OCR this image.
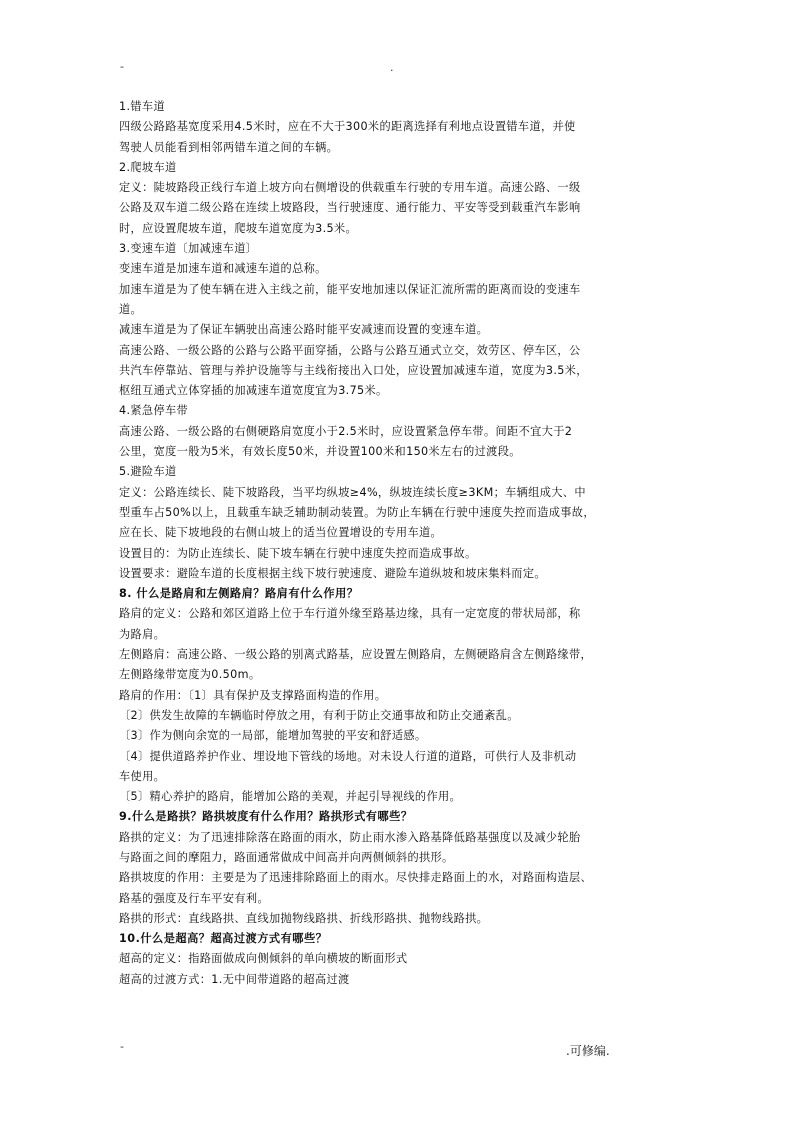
-	.
1.错车道
四级公路路基宽度采用4.5米时，应在不大于300米的距离选择有利地点设置错车道，并使
驾驶人员能看到相邻两错车道之间的车辆。
2.爬坡车道
定义：陡坡路段正线行车道上坡方向右侧增设的供载重车行驶的专用车道。高速公路、一级
公路及双车道二级公路在连续上坡路段，当行驶速度、通行能力、平安等受到载重汽车影响
时，应设置爬坡车道，爬坡车道宽度为3.5米。
3.变速车道〔加减速车道〕
变速车道是加速车道和减速车道的总称。
加速车道是为了使车辆在进入主线之前，能平安地加速以保证汇流所需的距离而设的变速车
道。
减速车道是为了保证车辆驶出高速公路时能平安减速而设置的变速车道。
高速公路、一级公路的公路与公路平面穿插，公路与公路互通式立交，效劳区、停车区，公
共汽车停靠站、管理与养护设施等与主线衔接出入口处，应设置加减速车道，宽度为3.5米，
枢纽互通式立体穿插的加减速车道宽度宜为3.75米。
4.紧急停车带
高速公路、一级公路的右侧硬路肩宽度小于2.5米时，应设置紧急停车带。间距不宜大于2
公里，宽度一般为5米，有效长度50米，并设置100米和150米左右的过渡段。
5.避险车道
定义：公路连续长、陡下坡路段，当平均纵坡≥4%，纵坡连续长度≥3KM；车辆组成大、中
型重车占50%以上，且载重车缺乏辅助制动装置。为防止车辆在行驶中速度失控而造成事故，
应在长、陡下坡地段的右侧山坡上的适当位置增设的专用车道。
设置目的：为防止连续长、陡下坡车辆在行驶中速度失控而造成事故。
设置要求：避险车道的长度根据主线下坡行驶速度、避险车道纵坡和坡床集料而定。
8. 什么是路肩和左侧路肩？路肩有什么作用？
路肩的定义：公路和郊区道路上位于车行道外缘至路基边缘，具有一定宽度的带状局部，称
为路肩。
左侧路肩：高速公路、一级公路的别离式路基，应设置左侧路肩，左侧硬路肩含左侧路缘带，
左侧路缘带宽度为0.50m。
路肩的作用：〔1〕具有保护及支撑路面构造的作用。
〔2〕供发生故障的车辆临时停放之用，有利于防止交通事故和防止交通紊乱。
〔3〕作为侧向余宽的一局部，能增加驾驶的平安和舒适感。
〔4〕提供道路养护作业、埋设地下管线的场地。对未设人行道的道路，可供行人及非机动
车使用。
〔5〕精心养护的路肩，能增加公路的美观，并起引导视线的作用。
9.什么是路拱？路拱坡度有什么作用？路拱形式有哪些？
路拱的定义：为了迅速排除落在路面的雨水，防止雨水渗入路基降低路基强度以及减少轮胎
与路面之间的摩阻力，路面通常做成中间高并向两侧倾斜的拱形。
路拱坡度的作用：主要是为了迅速排除路面上的雨水。尽快排走路面上的水，对路面构造层、
路基的强度及行车平安有利。
路拱的形式：直线路拱、直线加抛物线路拱、折线形路拱、抛物线路拱。
10.什么是超高？超高过渡方式有哪些？
超高的定义：指路面做成向侧倾斜的单向横坡的断面形式
超高的过渡方式：1.无中间带道路的超高过渡
-	.可修编.
